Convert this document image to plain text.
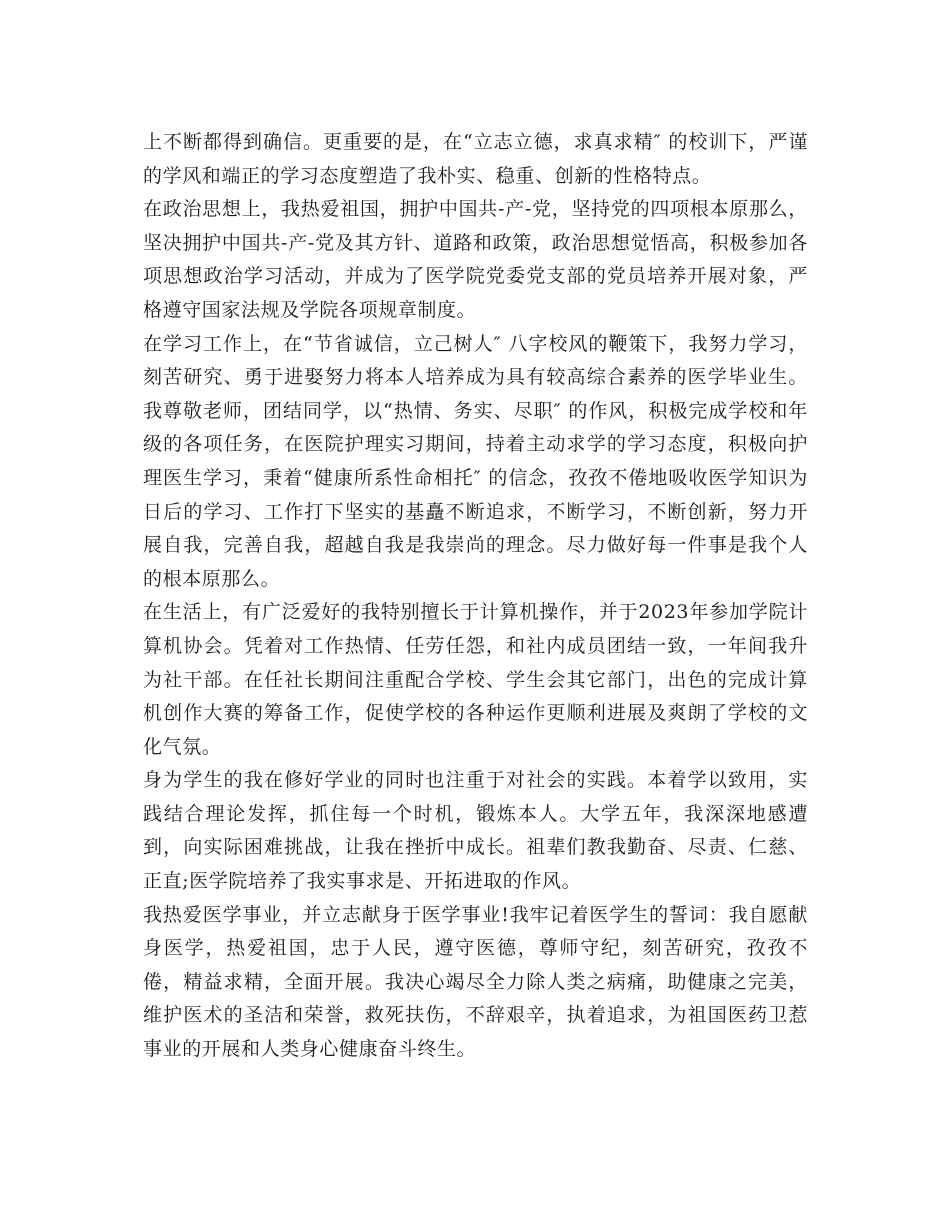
上不断都得到确信。更重要的是，在“立志立德，求真求精″ 的校训下，严谨的学风和端正的学习态度塑造了我朴实、稳重、创新的性格特点。

在政治思想上，我热爱祖国，拥护中国共-产-党，坚持党的四项根本原那么，坚决拥护中国共-产-党及其方针、道路和政策，政治思想觉悟高，积极参加各项思想政治学习活动，并成为了医学院党委党支部的党员培养开展对象，严格遵守国家法规及学院各项规章制度。

在学习工作上，在“节省诚信，立己树人″ 八字校风的鞭策下，我努力学习，刻苦研究、勇于进娶努力将本人培养成为具有较高综合素养的医学毕业生。我尊敬老师，团结同学，以“热情、务实、尽职″ 的作风，积极完成学校和年级的各项任务，在医院护理实习期间，持着主动求学的学习态度，积极向护理医生学习，秉着“健康所系性命相托″ 的信念，孜孜不倦地吸收医学知识为日后的学习、工作打下坚实的基矗不断追求，不断学习，不断创新，努力开展自我，完善自我，超越自我是我崇尚的理念。尽力做好每一件事是我个人的根本原那么。

在生活上，有广泛爱好的我特别擅长于计算机操作，并于2023年参加学院计算机协会。凭着对工作热情、任劳任怨，和社内成员团结一致，一年间我升为社干部。在任社长期间注重配合学校、学生会其它部门，出色的完成计算机创作大赛的筹备工作，促使学校的各种运作更顺利进展及爽朗了学校的文化气氛。

身为学生的我在修好学业的同时也注重于对社会的实践。本着学以致用，实践结合理论发挥，抓住每一个时机，锻炼本人。大学五年，我深深地感遭到，向实际困难挑战，让我在挫折中成长。祖辈们教我勤奋、尽责、仁慈、正直;医学院培养了我实事求是、开拓进取的作风。

我热爱医学事业，并立志献身于医学事业!我牢记着医学生的誓词：我自愿献身医学，热爱祖国，忠于人民，遵守医德，尊师守纪，刻苦研究，孜孜不倦，精益求精，全面开展。我决心竭尽全力除人类之病痛，助健康之完美，维护医术的圣洁和荣誉，救死扶伤，不辞艰辛，执着追求，为祖国医药卫惹事业的开展和人类身心健康奋斗终生。
